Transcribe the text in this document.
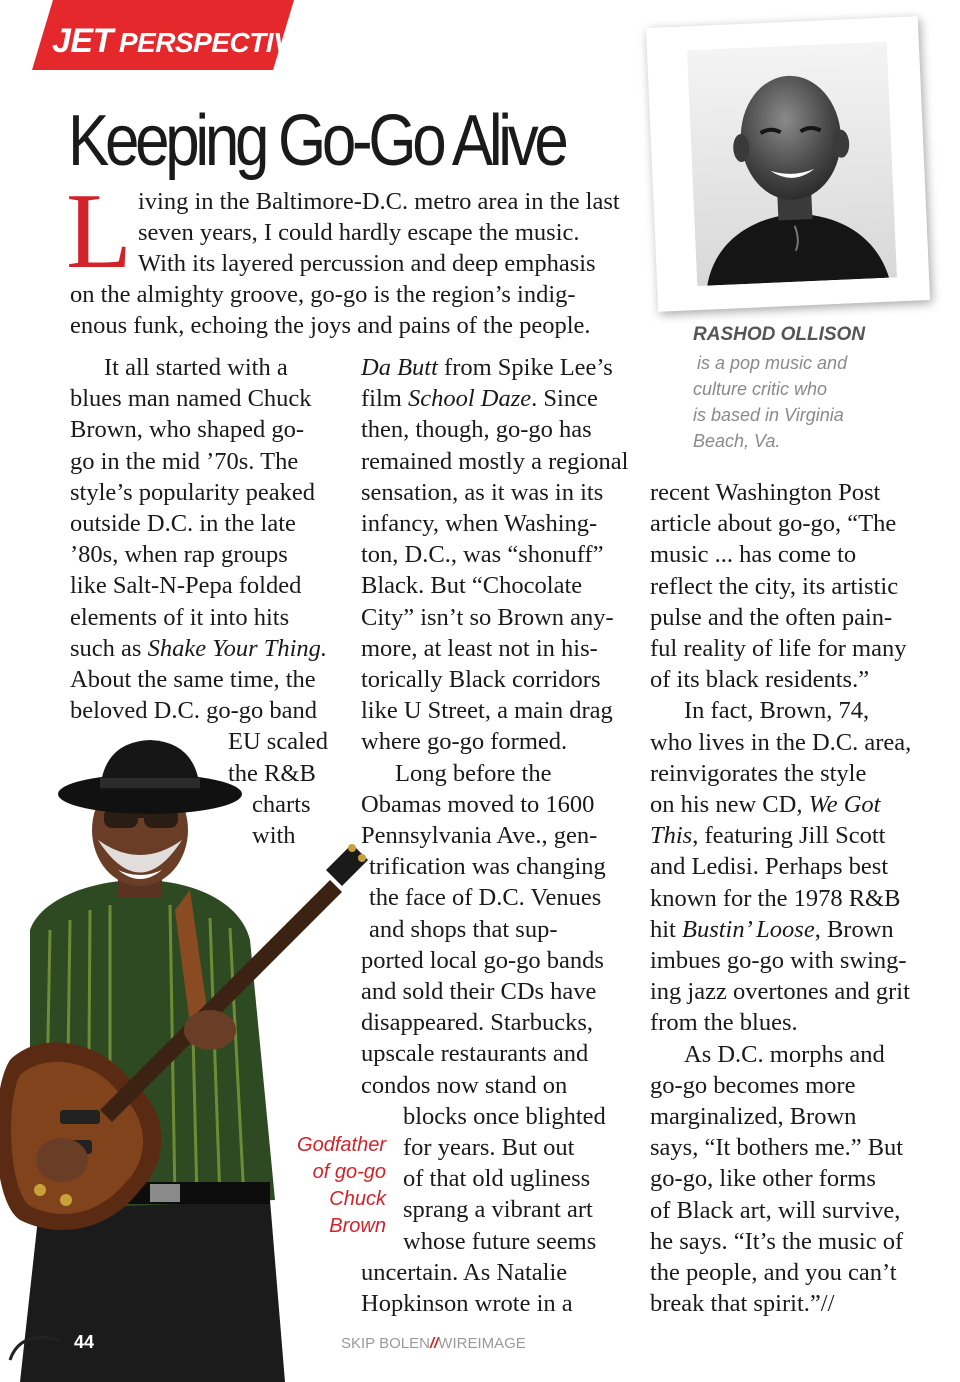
JET PERSPECTIVE
Keeping Go-Go Alive
L iving in the Baltimore-D.C. metro area in the last
seven years, I could hardly escape the music.
With its layered percussion and deep emphasis
on the almighty groove, go-go is the region’s indig-
enous funk, echoing the joys and pains of the people.	RASHOD OLLISON
is a pop music and
culture critic who
is based in Virginia
Beach, Va.
It all started with a
blues man named Chuck
Brown, who shaped go-
go in the mid ’70s. The
style’s popularity peaked
outside D.C. in the late
’80s, when rap groups
like Salt-N-Pepa folded
elements of it into hits
such as Shake Your Thing.
About the same time, the
beloved D.C. go-go band
EU scaled
the R&B
charts
with
Godfather
of go-go
Chuck
Brown
Da Butt from Spike Lee’s
film School Daze. Since
then, though, go-go has
remained mostly a regional
sensation, as it was in its
infancy, when Washing-
ton, D.C., was “shonuff”
Black. But “Chocolate
City” isn’t so Brown any-
more, at least not in his-
torically Black corridors
like U Street, a main drag
where go-go formed.
Long before the
Obamas moved to 1600
Pennsylvania Ave., gen-
trification was changing
the face of D.C. Venues
and shops that sup-
ported local go-go bands
and sold their CDs have
disappeared. Starbucks,
upscale restaurants and
condos now stand on
blocks once blighted
for years. But out
of that old ugliness
sprang a vibrant art
whose future seems
uncertain. As Natalie
Hopkinson wrote in a
recent Washington Post
article about go-go, “The
music ... has come to
reflect the city, its artistic
pulse and the often pain-
ful reality of life for many
of its black residents.”
In fact, Brown, 74,
who lives in the D.C. area,
reinvigorates the style
on his new CD, We Got
This, featuring Jill Scott
and Ledisi. Perhaps best
known for the 1978 R&B
hit Bustin’ Loose, Brown
imbues go-go with swing-
ing jazz overtones and grit
from the blues.
As D.C. morphs and
go-go becomes more
marginalized, Brown
says, “It bothers me.” But
go-go, like other forms
of Black art, will survive,
he says. “It’s the music of
the people, and you can’t
break that spirit.”//
44	SKIP BOLEN//WIREIMAGE
